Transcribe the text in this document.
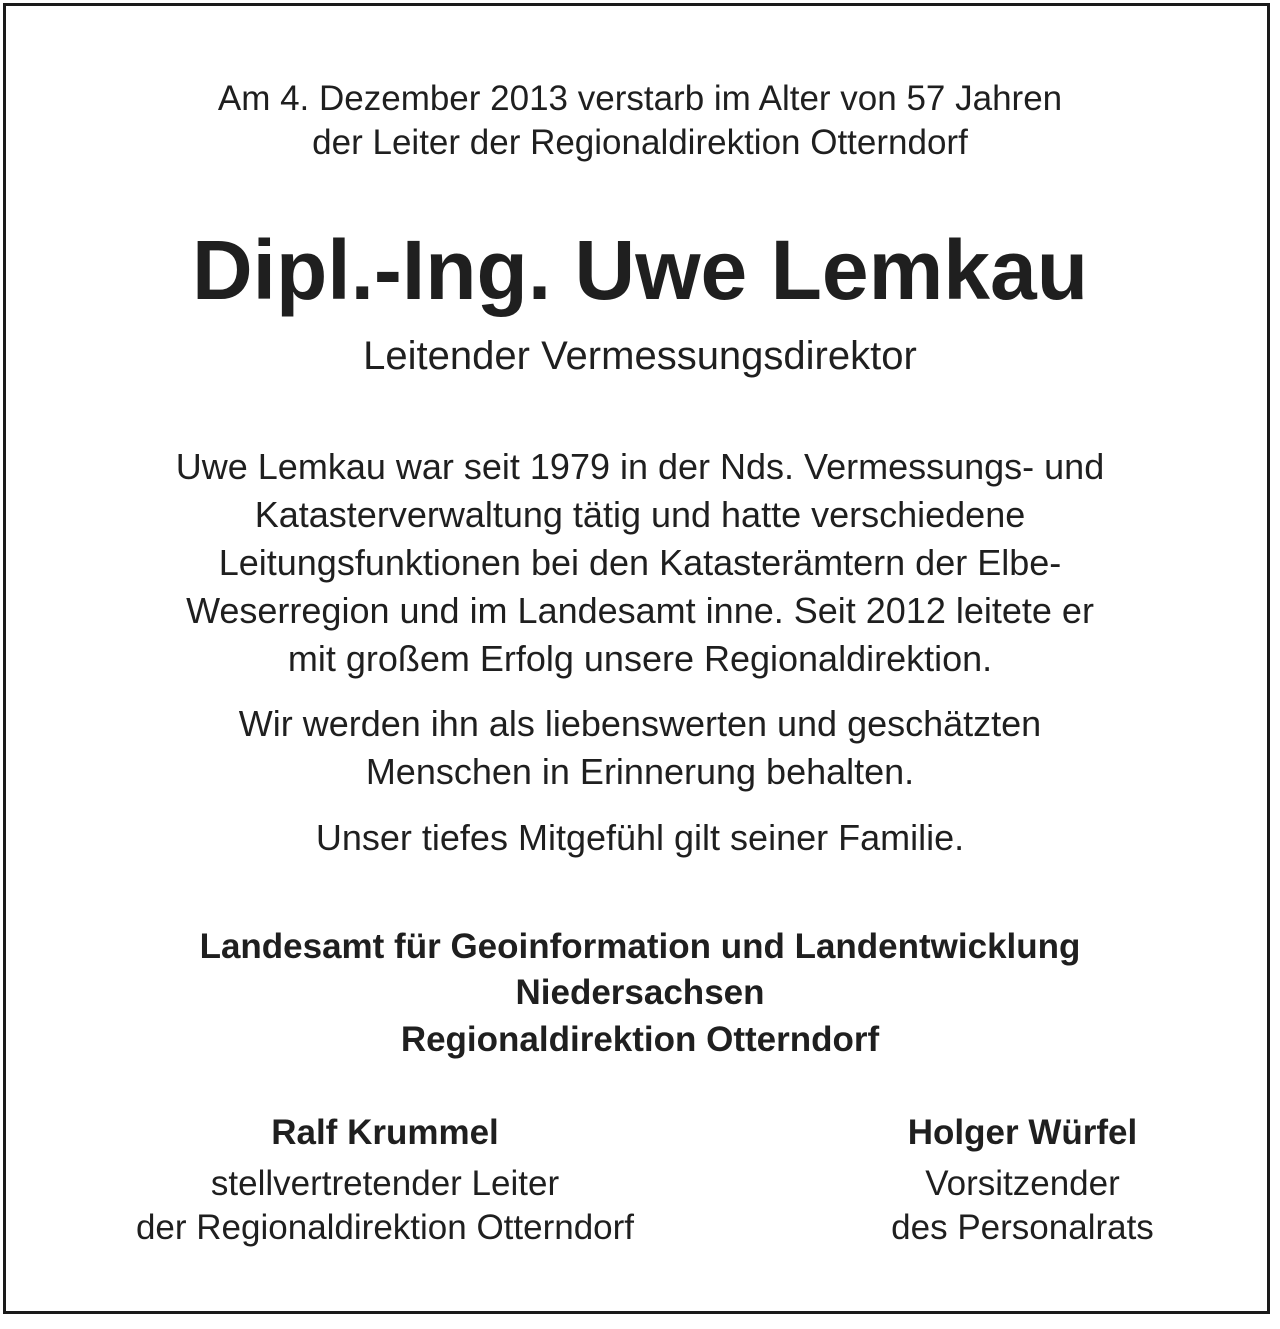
Am 4. Dezember 2013 verstarb im Alter von 57 Jahren
der Leiter der Regionaldirektion Otterndorf
Dipl.-Ing. Uwe Lemkau
Leitender Vermessungsdirektor
Uwe Lemkau war seit 1979 in der Nds. Vermessungs- und
Katasterverwaltung tätig und hatte verschiedene
Leitungsfunktionen bei den Katasterämtern der Elbe-
Weserregion und im Landesamt inne. Seit 2012 leitete er
mit großem Erfolg unsere Regionaldirektion.
Wir werden ihn als liebenswerten und geschätzten
Menschen in Erinnerung behalten.
Unser tiefes Mitgefühl gilt seiner Familie.
Landesamt für Geoinformation und Landentwicklung
Niedersachsen
Regionaldirektion Otterndorf
Ralf Krummel
stellvertretender Leiter
der Regionaldirektion Otterndorf
Holger Würfel
Vorsitzender
des Personalrats
